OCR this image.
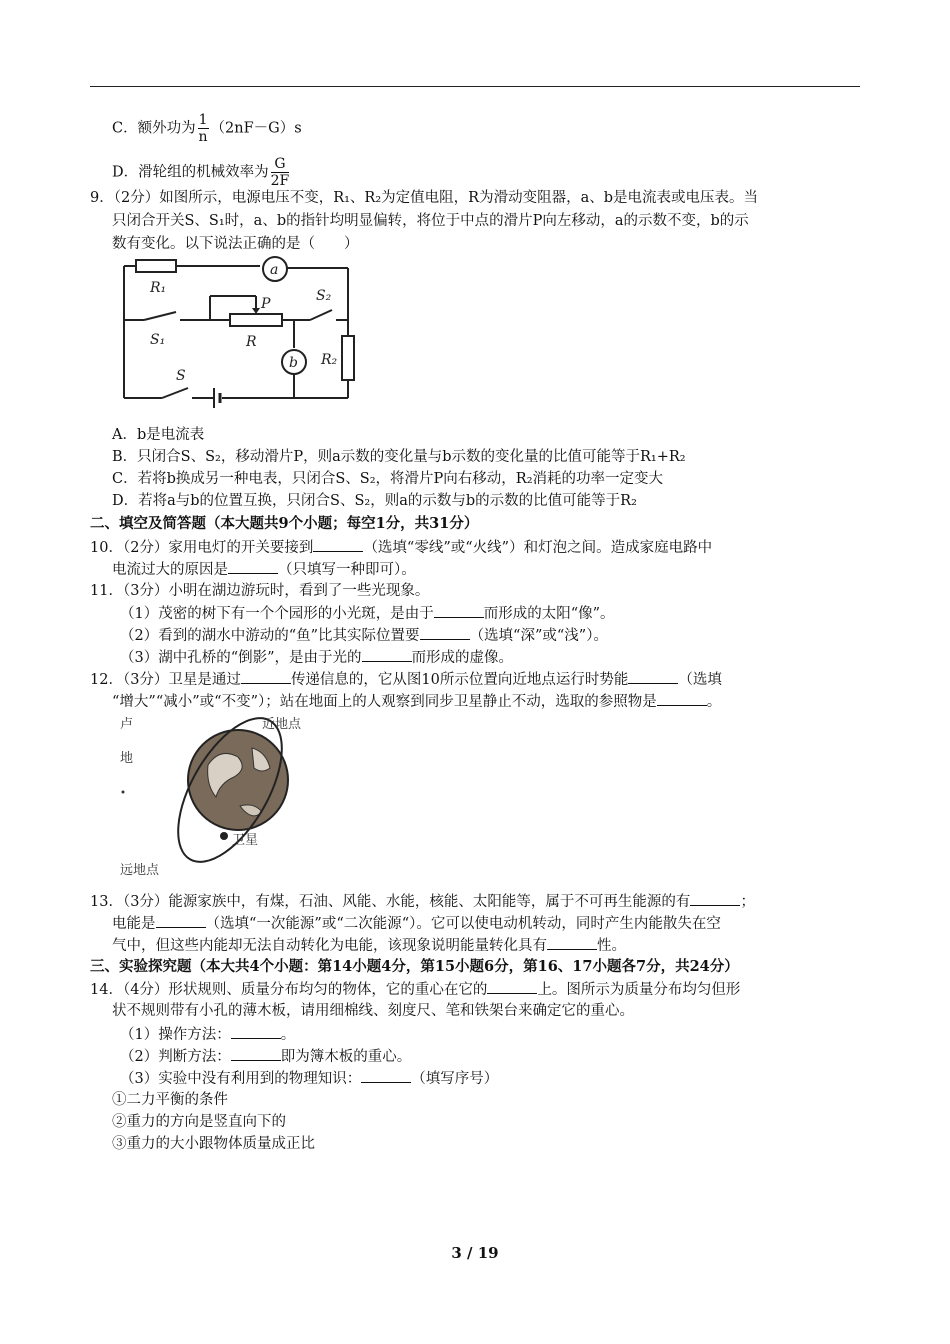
C．额外功为 $\frac{1}{n} (2nF-G)s$
D．滑轮组的机械效率为 $\frac{G}{2F}$
9．（2分）如图所示，电源电压不变，R₁、R₂为定值电阻，R为滑动变阻器，a、b是电流表或电压表。当
只闭合开关S、S₁时，a、b的指针均明显偏转，将位于中点的滑片P向左移动，a的示数不变，b的示
数有变化。以下说法正确的是（　　）
R₁
S₁
P
R
S₂
R₂
a
b
S
A．b是电流表
B．只闭合S、S₂，移动滑片P，则a示数的变化量与b示数的变化量的比值可能等于R₁+R₂
C．若将b换成另一种电表，只闭合S、S₂，将滑片P向右移动，R₂消耗的功率一定变大
D．若将a与b的位置互换，只闭合S、S₂，则a的示数与b的示数的比值可能等于R₂
二、填空及简答题（本大题共9个小题；每空1分，共31分）
10．（2分）家用电灯的开关要接到	（选填“零线”或“火线”）和灯泡之间。造成家庭电路中
电流过大的原因是	（只填写一种即可）。
11．（3分）小明在湖边游玩时，看到了一些光现象。
（1）茂密的树下有一个个园形的小光斑，是由于	而形成的太阳“像”。
（2）看到的湖水中游动的“鱼”比其实际位置要	（选填“深”或“浅”）。
（3）湖中孔桥的“倒影”，是由于光的	而形成的虚像。
12．（3分）卫星是通过	传递信息的，它从图10所示位置向近地点运行时势能	（选填
“增大”“减小”或“不变”）；站在地面上的人观察到同步卫星静止不动，选取的参照物是	。
近地点
卫星
远地点
卢
地
13．（3分）能源家族中，有煤，石油、风能、水能，核能、太阳能等，属于不可再生能源的有	；
电能是	（选填“一次能源”或“二次能源“）。它可以使电动机转动，同时产生内能散失在空
气中，但这些内能却无法自动转化为电能，该现象说明能量转化具有	性。
三、实验探究题（本大共4个小题：第14小题4分，第15小题6分，第16、17小题各7分，共24分）
14．（4分）形状规则、质量分布均匀的物体，它的重心在它的	上。图所示为质量分布均匀但形
状不规则带有小孔的薄木板，请用细棉线、刻度尺、笔和铁架台来确定它的重心。
（1）操作方法：	。
（2）判断方法：	即为簿木板的重心。
（3）实验中没有利用到的物理知识：	（填写序号）
①二力平衡的条件
②重力的方向是竖直向下的
③重力的大小跟物体质量成正比
3 / 19
